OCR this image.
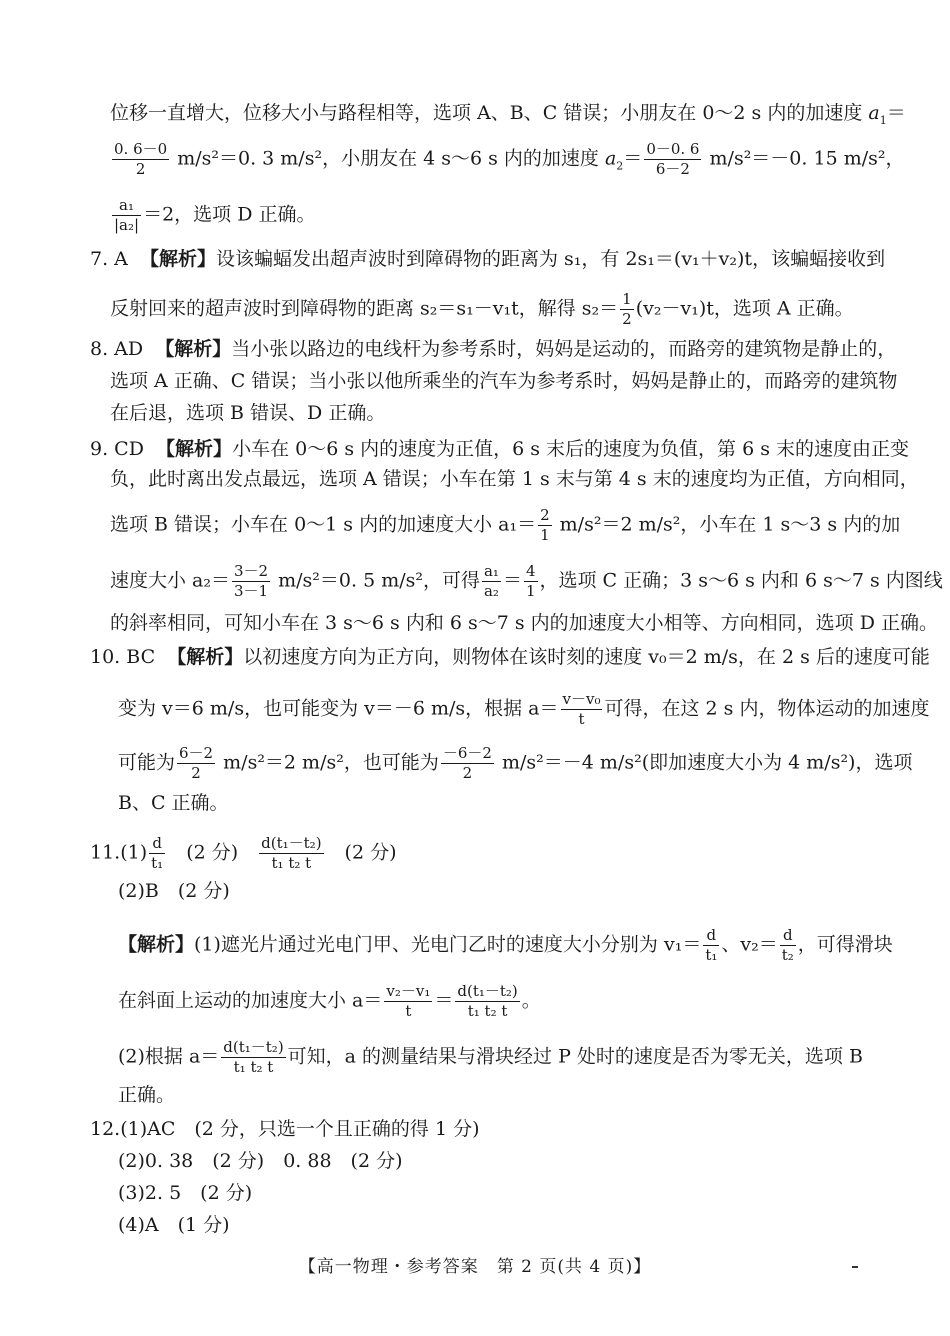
位移一直增大，位移大小与路程相等，选项 A、B、C 错误；小朋友在 0～2 s 内的加速度 $a_1=$
$\frac{0. 6-0}{2} m/s^2=0$. 3 m/s²，小朋友在 4 s～6 s 内的加速度 $a_2= \frac{0-0. 6}{6-2} m/s^2=-0$. 15 m/s²，
$\frac{\text{a₁}}{\text{|a₂|}} =2$，选项 D 正确。
7. A 【解析】设该蝙蝠发出超声波时到障碍物的距离为 s₁，有 2s₁＝(v₁＋v₂)t，该蝙蝠接收到
反射回来的超声波时到障碍物的距离 s₂＝s₁－v₁t，解得 $s_2= \frac{1}{2} (v_2-v_1)t$，选项 A 正确。
8. AD 【解析】当小张以路边的电线杆为参考系时，妈妈是运动的，而路旁的建筑物是静止的，
选项 A 正确、C 错误；当小张以他所乘坐的汽车为参考系时，妈妈是静止的，而路旁的建筑物
在后退，选项 B 错误、D 正确。
9. CD 【解析】小车在 0～6 s 内的速度为正值，6 s 末后的速度为负值，第 6 s 末的速度由正变
负，此时离出发点最远，选项 A 错误；小车在第 1 s 末与第 4 s 末的速度均为正值，方向相同，
选项 B 错误；小车在 0～1 s 内的加速度大小 $a_1= \frac{2}{1} m/s^2=2$ m/s²，小车在 1 s～3 s 内的加
速度大小 $a_2= \frac{3-2}{3-1} m/s^2=0$. 5 m/s²，可得 $\frac{\text{a₁}}{\text{a₂}} = \frac{4}{1}$ ，选项 C 正确；3 s～6 s 内和 6 s～7 s 内图线
的斜率相同，可知小车在 3 s～6 s 内和 6 s～7 s 内的加速度大小相等、方向相同，选项 D 正确。
10. BC 【解析】以初速度方向为正方向，则物体在该时刻的速度 v₀＝2 m/s，在 2 s 后的速度可能
变为 v＝6 m/s，也可能变为 v＝－6 m/s，根据 $a= \frac{\text{v－v₀}}{t}$ 可得，在这 2 s 内，物体运动的加速度
可能为 $\frac{6-2}{2} m/s^2=2$ m/s²，也可能为 $\frac{-6-2}{2} m/s^2=-4$ m/s²(即加速度大小为 4 m/s²)，选项
B、C 正确。
$11.(1) \frac{d}{\text{t₁}}$ 　(2 分)　 $\frac{\text{d(t₁－t₂)}}{\text{t₁ t₂ t}}$ 　(2 分)
(2)B　(2 分)
【解析】(1)遮光片通过光电门甲、光电门乙时的速度大小分别为 $v_1= \frac{d}{\text{t₁}}$ 、$v_2= \frac{d}{\text{t₂}}$ ，可得滑块
在斜面上运动的加速度大小 $a= \frac{\text{v₂－v₁}}{t} = \frac{\text{d(t₁－t₂)}}{\text{t₁ t₂ t}}$ 。
(2)根据 $a= \frac{\text{d(t₁－t₂)}}{\text{t₁ t₂ t}}$ 可知，a 的测量结果与滑块经过 P 处时的速度是否为零无关，选项 B
正确。
12.(1)AC　(2 分，只选一个且正确的得 1 分)
(2)0. 38　(2 分)　0. 88　(2 分)
(3)2. 5　(2 分)
(4)A　(1 分)
【高一物理・参考答案　第 2 页(共 4 页)】
